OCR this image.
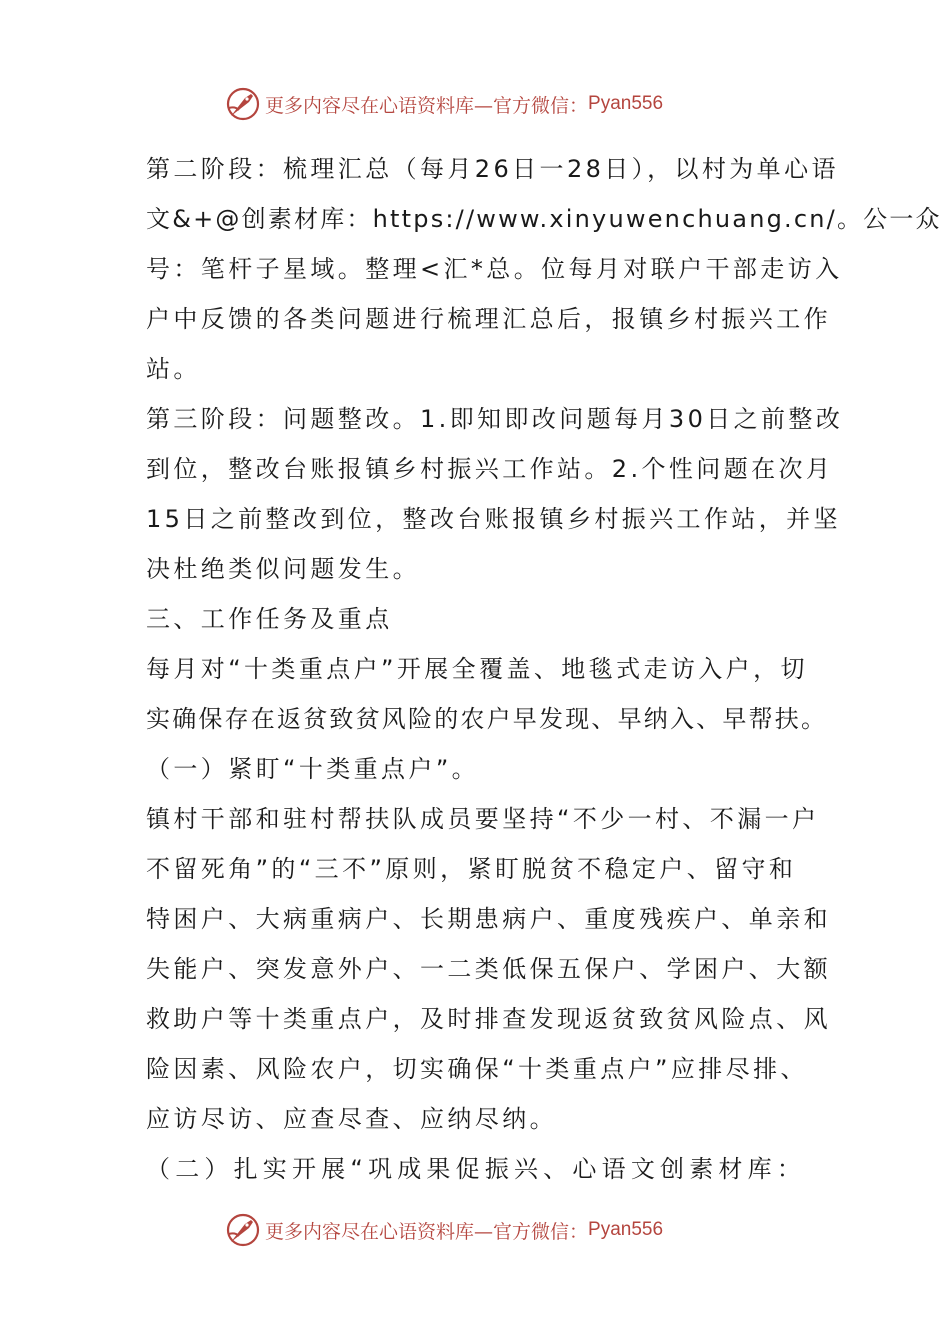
更多内容尽在心语资料库—官方微信： Pyan556
第二阶段：梳理汇总（每月26日一28日），以村为单心语
文&+@创素材库：https://www.xinyuwenchuang.cn/。公一众
号：笔杆子星域。整理<汇*总。位每月对联户干部走访入
户中反馈的各类问题进行梳理汇总后，报镇乡村振兴工作
站。
第三阶段：问题整改。1.即知即改问题每月30日之前整改
到位，整改台账报镇乡村振兴工作站。2.个性问题在次月
15日之前整改到位，整改台账报镇乡村振兴工作站，并坚
决杜绝类似问题发生。
三、工作任务及重点
每月对“十类重点户”开展全覆盖、地毯式走访入户，切
实确保存在返贫致贫风险的农户早发现、早纳入、早帮扶。
（一）紧盯“十类重点户”。
镇村干部和驻村帮扶队成员要坚持“不少一村、不漏一户
不留死角”的“三不”原则，紧盯脱贫不稳定户、留守和
特困户、大病重病户、长期患病户、重度残疾户、单亲和
失能户、突发意外户、一二类低保五保户、学困户、大额
救助户等十类重点户，及时排查发现返贫致贫风险点、风
险因素、风险农户，切实确保“十类重点户”应排尽排、
应访尽访、应查尽查、应纳尽纳。
（二）扎实开展“巩成果促振兴、心语文创素材库：
更多内容尽在心语资料库—官方微信： Pyan556
